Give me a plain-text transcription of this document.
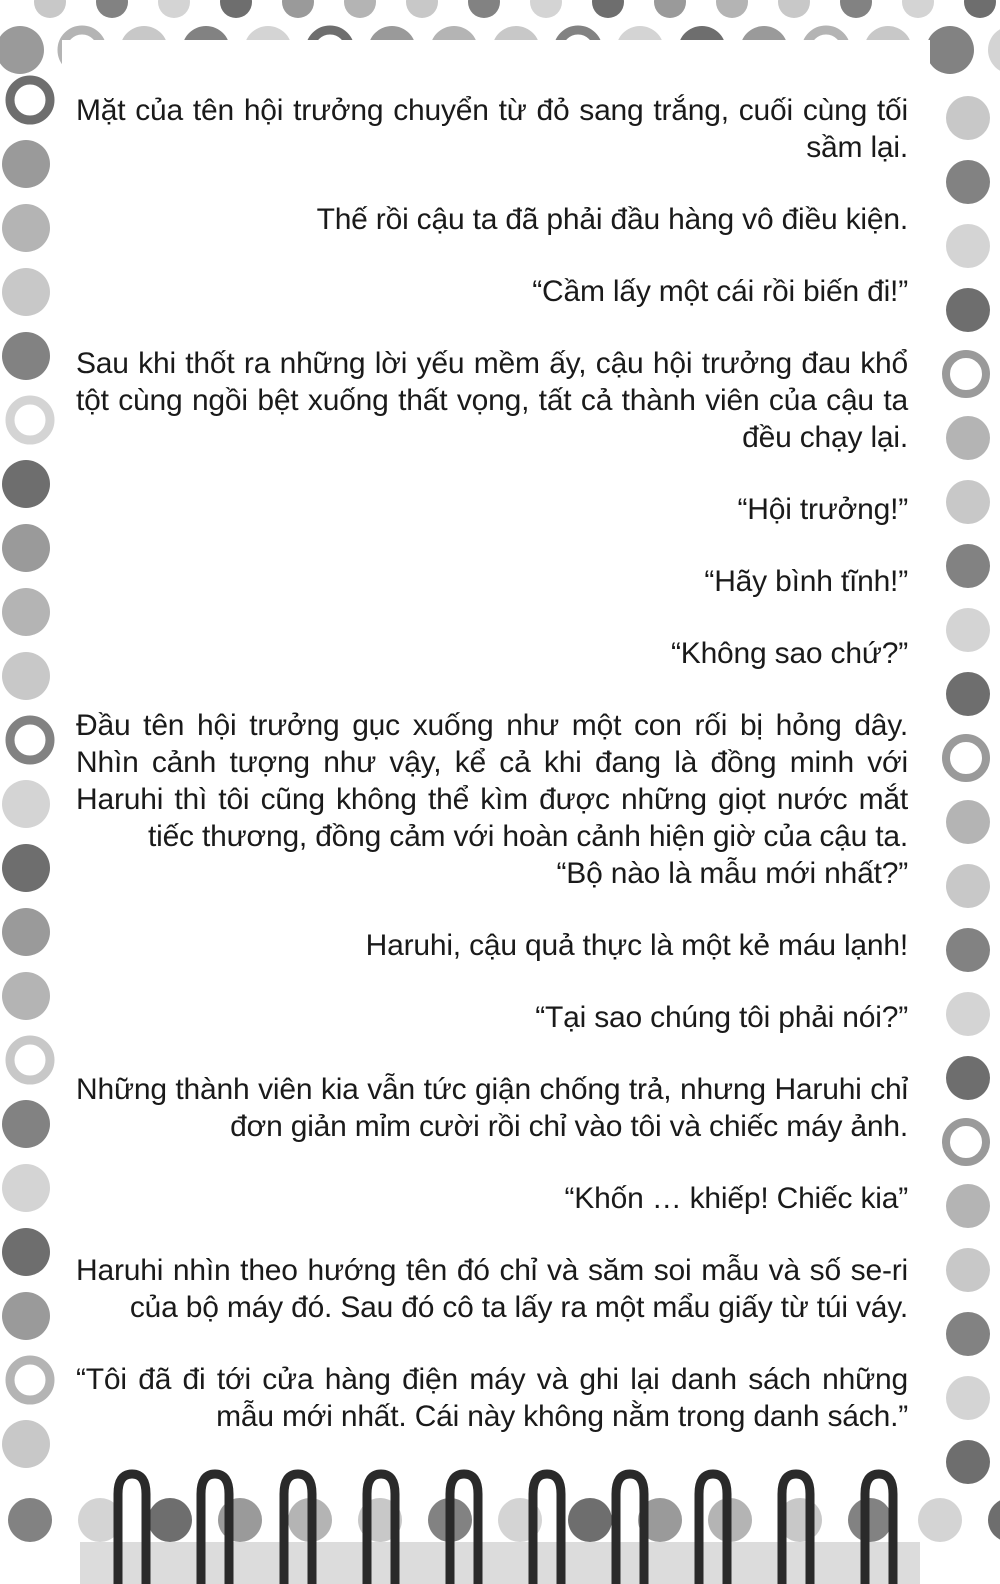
Mặt của tên hội trưởng chuyển từ đỏ sang trắng, cuối cùng tối sầm lại.

Thế rồi cậu ta đã phải đầu hàng vô điều kiện.

“Cầm lấy một cái rồi biến đi!”

Sau khi thốt ra những lời yếu mềm ấy, cậu hội trưởng đau khổ tột cùng ngồi bệt xuống thất vọng, tất cả thành viên của cậu ta đều chạy lại.

“Hội trưởng!”

“Hãy bình tĩnh!”

“Không sao chứ?”

Đầu tên hội trưởng gục xuống như một con rối bị hỏng dây. Nhìn cảnh tượng như vậy, kể cả khi đang là đồng minh với Haruhi thì tôi cũng không thể kìm được những giọt nước mắt tiếc thương, đồng cảm với hoàn cảnh hiện giờ của cậu ta.

“Bộ nào là mẫu mới nhất?”

Haruhi, cậu quả thực là một kẻ máu lạnh!

“Tại sao chúng tôi phải nói?”

Những thành viên kia vẫn tức giận chống trả, nhưng Haruhi chỉ đơn giản mỉm cười rồi chỉ vào tôi và chiếc máy ảnh.

“Khốn … khiếp! Chiếc kia”

Haruhi nhìn theo hướng tên đó chỉ và săm soi mẫu và số se-ri của bộ máy đó. Sau đó cô ta lấy ra một mẩu giấy từ túi váy.

“Tôi đã đi tới cửa hàng điện máy và ghi lại danh sách những mẫu mới nhất. Cái này không nằm trong danh sách.”
